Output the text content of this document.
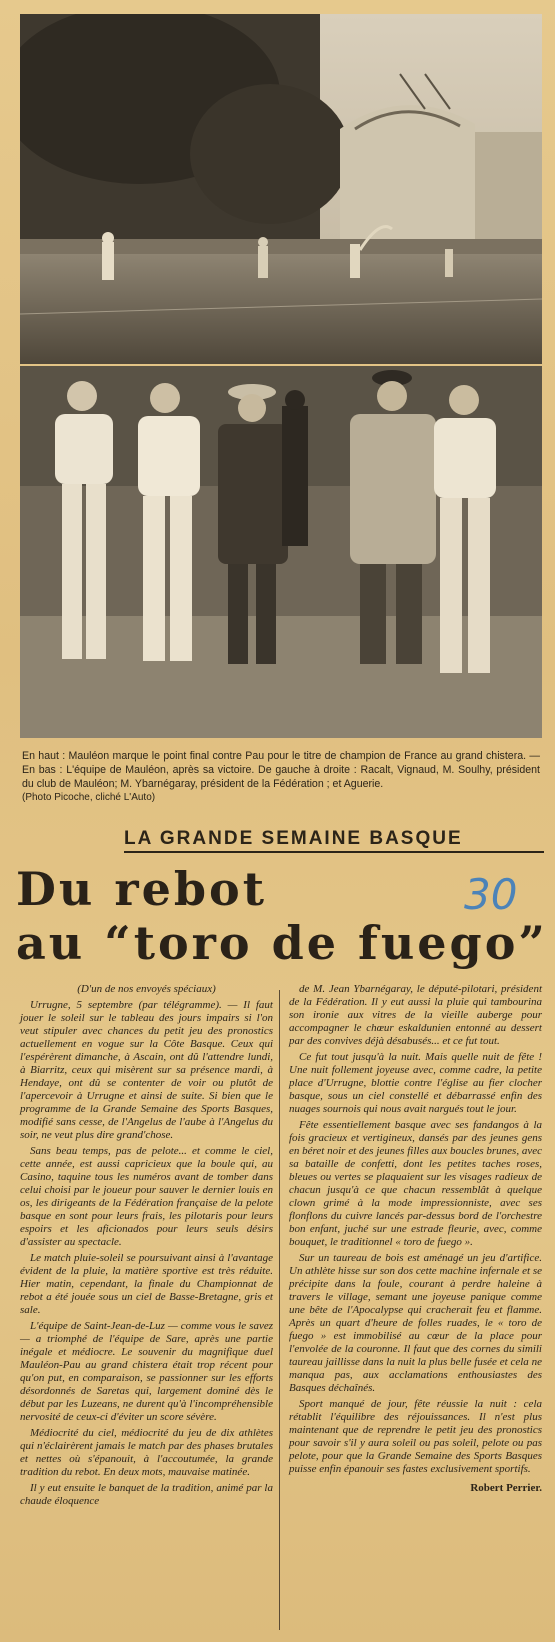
En haut : Mauléon marque le point final contre Pau pour le titre de champion de France au grand chistera. — En bas : L'équipe de Mauléon, après sa victoire. De gauche à droite : Racalt, Vignaud, M. Soulhy, président du club de Mauléon; M. Ybarnégaray, président de la Fédération ; et Aguerie.
(Photo Picoche, cliché L'Auto)
LA GRANDE SEMAINE BASQUE
Du rebot
au “toro de fuego”
30
(D'un de nos envoyés spéciaux)

Urrugne, 5 septembre (par télégramme). — Il faut jouer le soleil sur le tableau des jours impairs si l'on veut stipuler avec chances du petit jeu des pronostics actuellement en vogue sur la Côte Basque. Ceux qui l'espérèrent dimanche, à Ascain, ont dû l'attendre lundi, à Biarritz, ceux qui misèrent sur sa présence mardi, à Hendaye, ont dû se contenter de voir ou plutôt de l'apercevoir à Urrugne et ainsi de suite. Si bien que le programme de la Grande Semaine des Sports Basques, modifié sans cesse, de l'Angelus de l'aube à l'Angelus du soir, ne veut plus dire grand'chose.

Sans beau temps, pas de pelote... et comme le ciel, cette année, est aussi capricieux que la boule qui, au Casino, taquine tous les numéros avant de tomber dans celui choisi par le joueur pour sauver le dernier louis en os, les dirigeants de la Fédération française de la pelote basque en sont pour leurs frais, les pilotaris pour leurs espoirs et les aficionados pour leurs seuls désirs d'assister au spectacle.

Le match pluie-soleil se poursuivant ainsi à l'avantage évident de la pluie, la matière sportive est très réduite. Hier matin, cependant, la finale du Championnat de rebot a été jouée sous un ciel de Basse-Bretagne, gris et sale.

L'équipe de Saint-Jean-de-Luz — comme vous le savez — a triomphé de l'équipe de Sare, après une partie inégale et médiocre. Le souvenir du magnifique duel Mauléon-Pau au grand chistera était trop récent pour qu'on put, en comparaison, se passionner sur les efforts désordonnés de Saretas qui, largement dominé dès le début par les Luzeans, ne durent qu'à l'incompréhensible nervosité de ceux-ci d'éviter un score sévère.

Médiocrité du ciel, médiocrité du jeu de dix athlètes qui n'éclairèrent jamais le match par des phases brutales et nettes où s'épanouit, à l'accoutumée, la grande tradition du rebot. En deux mots, mauvaise matinée.

Il y eut ensuite le banquet de la tradition, animé par la chaude éloquence

de M. Jean Ybarnégaray, le député-pilotari, président de la Fédération. Il y eut aussi la pluie qui tambourina son ironie aux vitres de la vieille auberge pour accompagner le chœur eskaldunien entonné au dessert par des convives déjà désabusés... et ce fut tout.

Ce fut tout jusqu'à la nuit. Mais quelle nuit de fête ! Une nuit follement joyeuse avec, comme cadre, la petite place d'Urrugne, blottie contre l'église au fier clocher basque, sous un ciel constellé et débarrassé enfin des nuages sournois qui nous avait nargués tout le jour.

Fête essentiellement basque avec ses fandangos à la fois gracieux et vertigineux, dansés par des jeunes gens en béret noir et des jeunes filles aux boucles brunes, avec sa bataille de confetti, dont les petites taches roses, bleues ou vertes se plaquaient sur les visages radieux de chacun jusqu'à ce que chacun ressemblât à quelque clown grimé à la mode impressionniste, avec ses flonflons du cuivre lancés par-dessus bord de l'orchestre bon enfant, juché sur une estrade fleurie, avec, comme bouquet, le traditionnel « toro de fuego ».

Sur un taureau de bois est aménagé un jeu d'artifice. Un athlète hisse sur son dos cette machine infernale et se précipite dans la foule, courant à perdre haleine à travers le village, semant une joyeuse panique comme une bête de l'Apocalypse qui cracherait feu et flamme. Après un quart d'heure de folles ruades, le « toro de fuego » est immobilisé au cœur de la place pour l'envolée de la couronne. Il faut que des cornes du simili taureau jaillisse dans la nuit la plus belle fusée et cela ne manqua pas, aux acclamations enthousiastes des Basques déchaînés.

Sport manqué de jour, fête réussie la nuit : cela rétablit l'équilibre des réjouissances. Il n'est plus maintenant que de reprendre le petit jeu des pronostics pour savoir s'il y aura soleil ou pas soleil, pelote ou pas pelote, pour que la Grande Semaine des Sports Basques puisse enfin épanouir ses fastes exclusivement sportifs.

Robert Perrier.
